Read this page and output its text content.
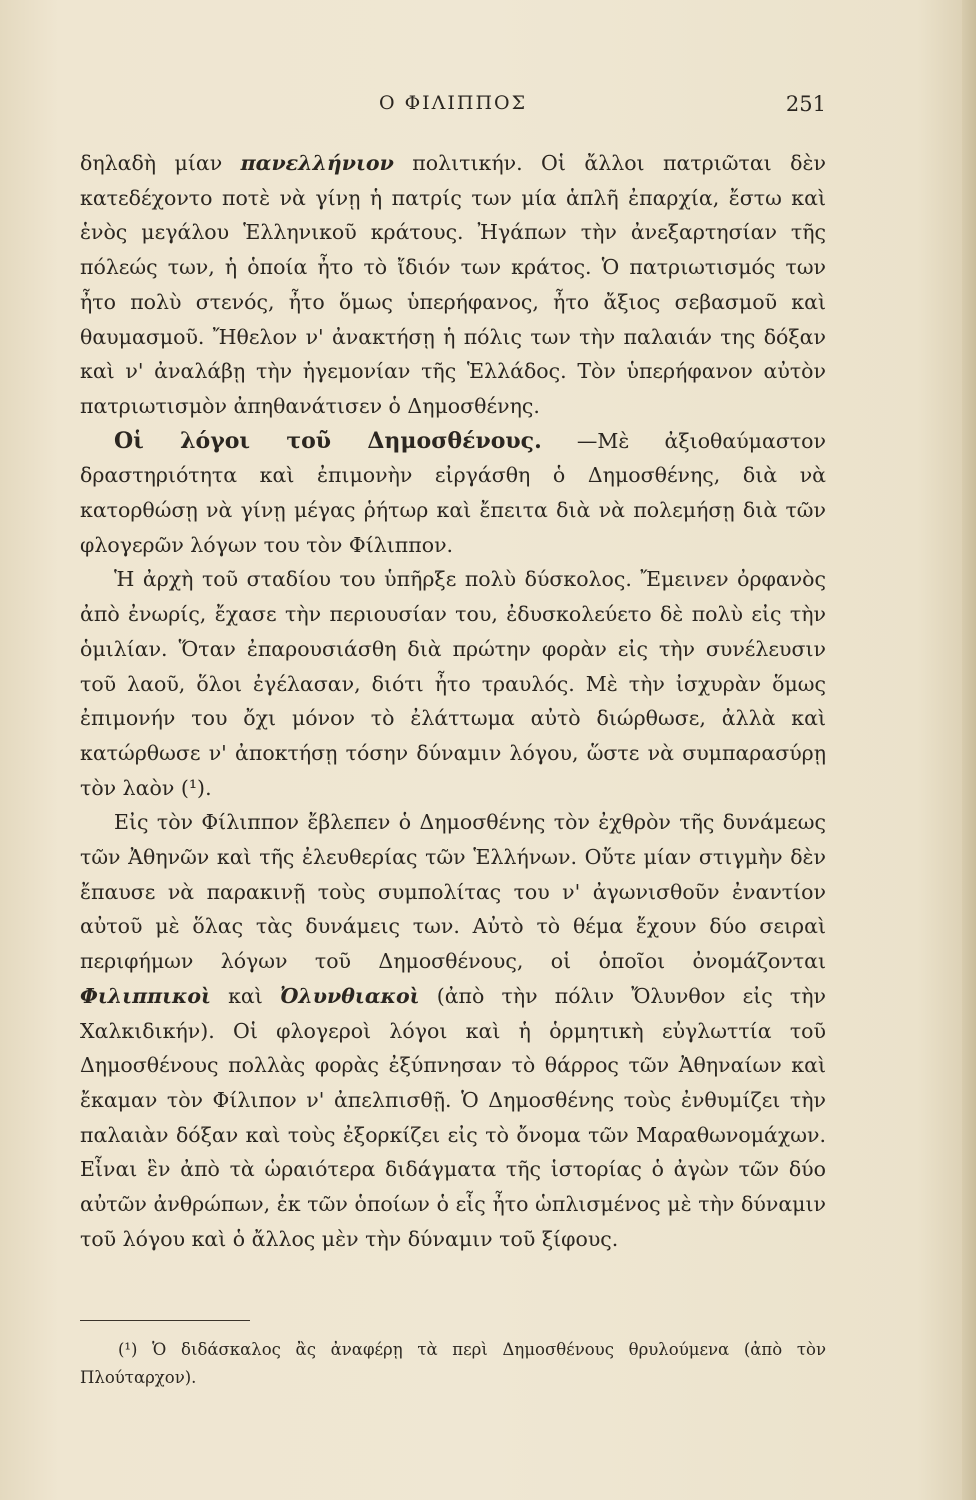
Ο ΦΙΛΙΠΠΟΣ	251

δηλαδὴ μίαν πανελλήνιον πολιτικήν. Οἱ ἄλλοι πατριῶται δὲν κατεδέχοντο ποτὲ νὰ γίνῃ ἡ πατρίς των μία ἁπλῆ ἐπαρχία, ἔστω καὶ ἑνὸς μεγάλου Ἑλληνικοῦ κράτους. Ἠγάπων τὴν ἀνεξαρτησίαν τῆς πόλεώς των, ἡ ὁποία ἦτο τὸ ἴδιόν των κράτος. Ὁ πατριωτισμός των ἦτο πολὺ στενός, ἦτο ὅμως ὑπερήφανος, ἦτο ἄξιος σεβασμοῦ καὶ θαυμασμοῦ. Ἤθελον ν' ἀνακτήσῃ ἡ πόλις των τὴν παλαιάν της δόξαν καὶ ν' ἀναλάβῃ τὴν ἡγεμονίαν τῆς Ἑλλάδος. Τὸν ὑπερήφανον αὐτὸν πατριωτισμὸν ἀπηθανάτισεν ὁ Δημοσθένης.

Οἱ λόγοι τοῦ Δημοσθένους. —Μὲ ἀξιοθαύμαστον δραστηριότητα καὶ ἐπιμονὴν εἰργάσθη ὁ Δημοσθένης, διὰ νὰ κατορθώσῃ νὰ γίνῃ μέγας ῥήτωρ καὶ ἔπειτα διὰ νὰ πολεμήσῃ διὰ τῶν φλογερῶν λόγων του τὸν Φίλιππον.

Ἡ ἀρχὴ τοῦ σταδίου του ὑπῆρξε πολὺ δύσκολος. Ἔμεινεν ὀρφανὸς ἀπὸ ἐνωρίς, ἔχασε τὴν περιουσίαν του, ἐδυσκολεύετο δὲ πολὺ εἰς τὴν ὁμιλίαν. Ὅταν ἐπαρουσιάσθη διὰ πρώτην φορὰν εἰς τὴν συνέλευσιν τοῦ λαοῦ, ὅλοι ἐγέλασαν, διότι ἦτο τραυλός. Μὲ τὴν ἰσχυρὰν ὅμως ἐπιμονήν του ὄχι μόνον τὸ ἐλάττωμα αὐτὸ διώρθωσε, ἀλλὰ καὶ κατώρθωσε ν' ἀποκτήσῃ τόσην δύναμιν λόγου, ὥστε νὰ συμπαρασύρῃ τὸν λαὸν (¹).

Εἰς τὸν Φίλιππον ἔβλεπεν ὁ Δημοσθένης τὸν ἐχθρὸν τῆς δυνάμεως τῶν Ἀθηνῶν καὶ τῆς ἐλευθερίας τῶν Ἑλλήνων. Οὔτε μίαν στιγμὴν δὲν ἔπαυσε νὰ παρακινῇ τοὺς συμπολίτας του ν' ἀγωνισθοῦν ἐναντίον αὐτοῦ μὲ ὅλας τὰς δυνάμεις των. Αὐτὸ τὸ θέμα ἔχουν δύο σειραὶ περιφήμων λόγων τοῦ Δημοσθένους, οἱ ὁποῖοι ὀνομάζονται Φιλιππικοὶ καὶ Ὀλυνθιακοὶ (ἀπὸ τὴν πόλιν Ὄλυνθον εἰς τὴν Χαλκιδικήν). Οἱ φλογεροὶ λόγοι καὶ ἡ ὁρμητικὴ εὐγλωττία τοῦ Δημοσθένους πολλὰς φορὰς ἐξύπνησαν τὸ θάρρος τῶν Ἀθηναίων καὶ ἔκαμαν τὸν Φίλιπον ν' ἀπελπισθῇ. Ὁ Δημοσθένης τοὺς ἐνθυμίζει τὴν παλαιὰν δόξαν καὶ τοὺς ἐξορκίζει εἰς τὸ ὄνομα τῶν Μαραθωνομάχων. Εἶναι ἓν ἀπὸ τὰ ὡραιότερα διδάγματα τῆς ἱστορίας ὁ ἀγὼν τῶν δύο αὐτῶν ἀνθρώπων, ἐκ τῶν ὁποίων ὁ εἷς ἦτο ὡπλισμένος μὲ τὴν δύναμιν τοῦ λόγου καὶ ὁ ἄλλος μὲν τὴν δύναμιν τοῦ ξίφους.

(¹) Ὁ διδάσκαλος ἂς ἀναφέρῃ τὰ περὶ Δημοσθένους θρυλούμενα (ἀπὸ τὸν Πλούταρχον).
